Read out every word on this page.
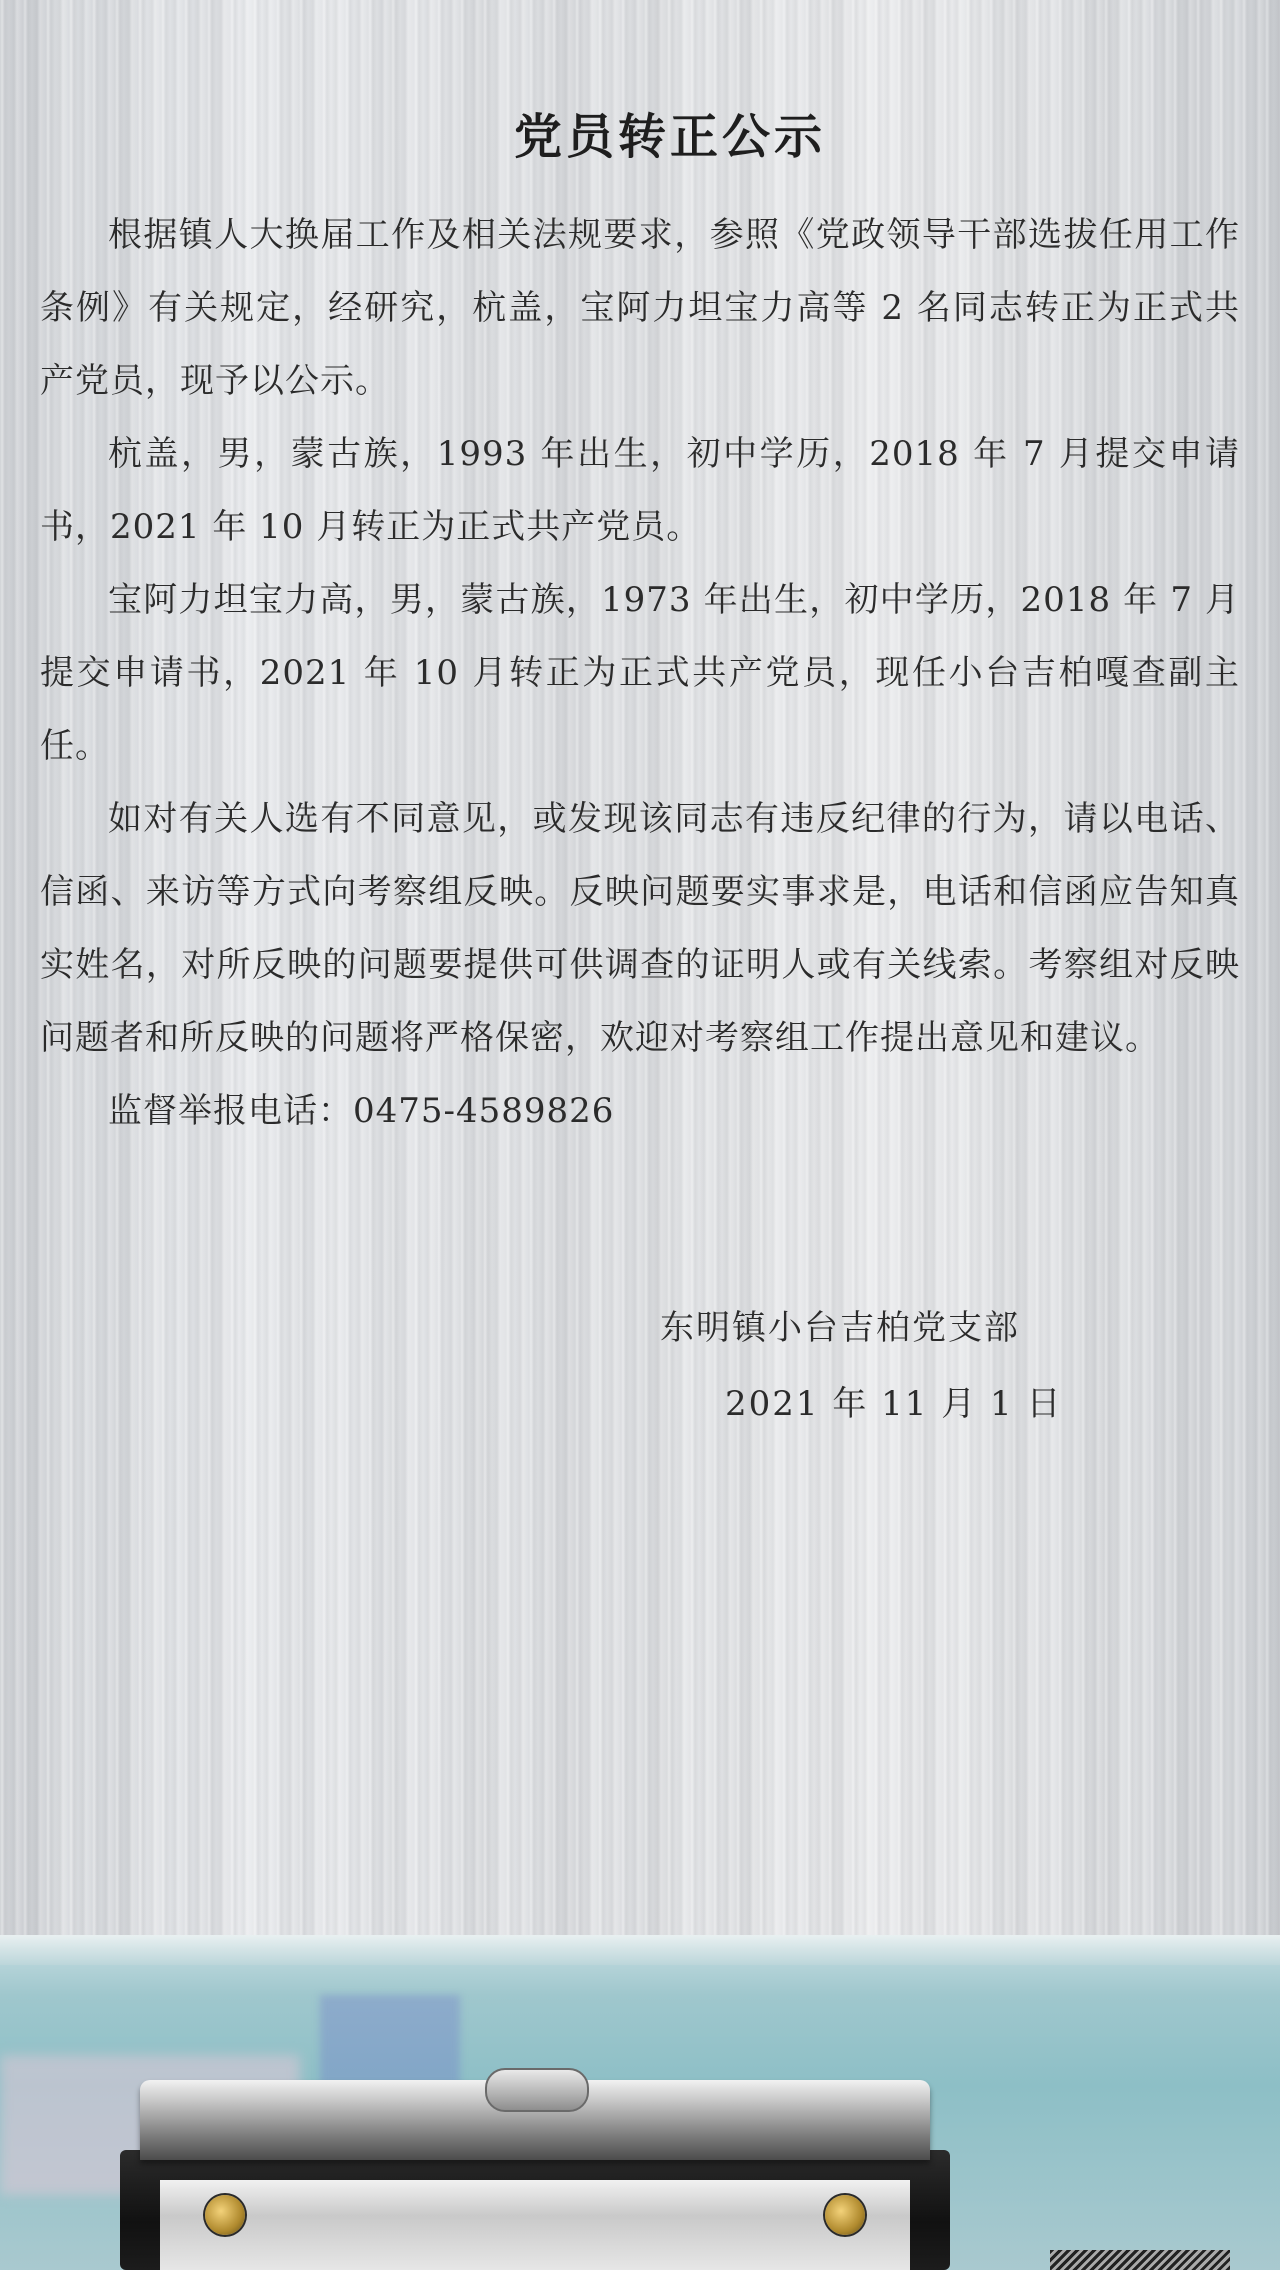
党员转正公示

根据镇人大换届工作及相关法规要求，参照《党政领导干部选拔任用工作条例》有关规定，经研究，杭盖，宝阿力坦宝力高等 2 名同志转正为正式共产党员，现予以公示。

杭盖，男，蒙古族，1993 年出生，初中学历，2018 年 7 月提交申请书，2021 年 10 月转正为正式共产党员。

宝阿力坦宝力高，男，蒙古族，1973 年出生，初中学历，2018 年 7 月提交申请书，2021 年 10 月转正为正式共产党员，现任小台吉柏嘎查副主任。

如对有关人选有不同意见，或发现该同志有违反纪律的行为，请以电话、信函、来访等方式向考察组反映。反映问题要实事求是，电话和信函应告知真实姓名，对所反映的问题要提供可供调查的证明人或有关线索。考察组对反映问题者和所反映的问题将严格保密，欢迎对考察组工作提出意见和建议。

监督举报电话：0475-4589826

东明镇小台吉柏党支部
2021 年 11 月 1 日
